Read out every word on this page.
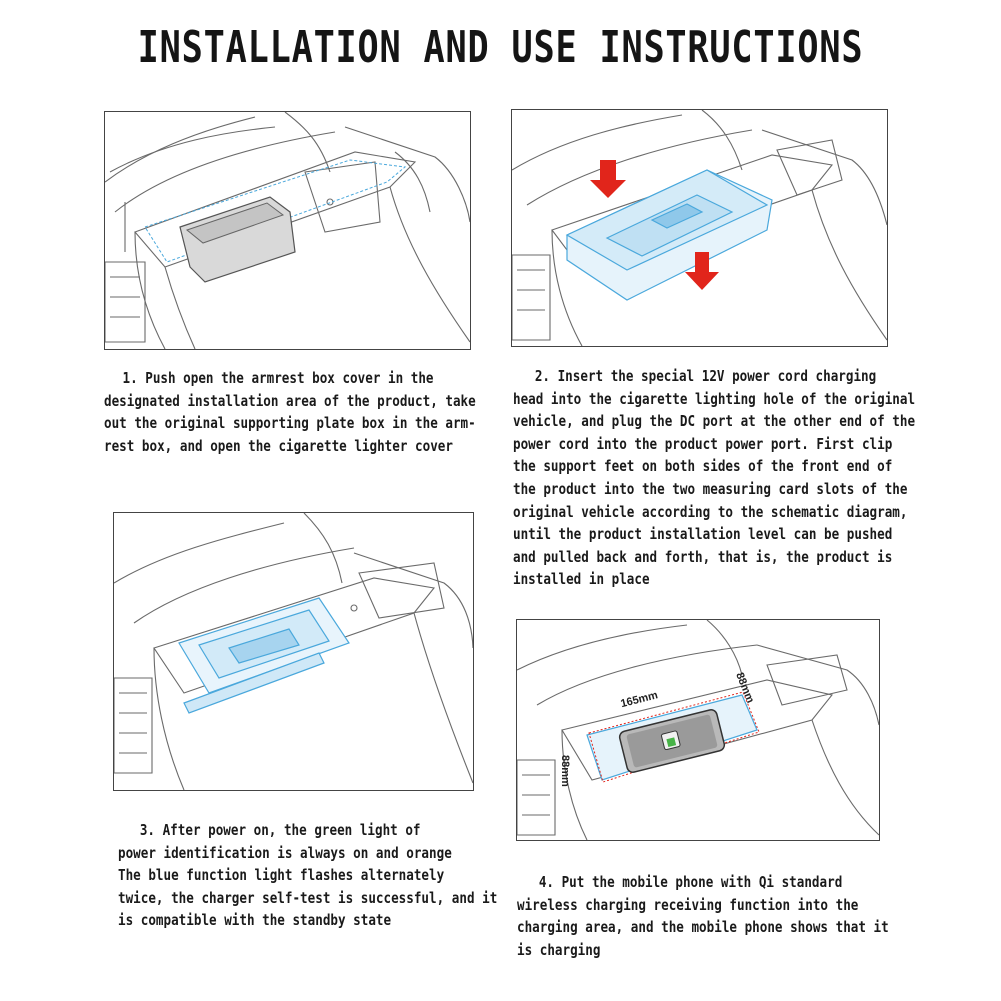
INSTALLATION AND USE INSTRUCTIONS
165mm	88mm
88mm
1. Push open the armrest box cover in the
designated installation area of the product, take
out the original supporting plate box in the arm-
rest box, and open the cigarette lighter cover
2. Insert the special 12V power cord charging
head into the cigarette lighting hole of the original
vehicle, and plug the DC port at the other end of the
power cord into the product power port. First clip
the support feet on both sides of the front end of
the product into the two measuring card slots of the
original vehicle according to the schematic diagram,
until the product installation level can be pushed
and pulled back and forth, that is, the product is
installed in place
3. After power on, the green light of
power identification is always on and orange
The blue function light flashes alternately
twice, the charger self-test is successful, and it
is compatible with the standby state
4. Put the mobile phone with Qi standard
wireless charging receiving function into the
charging area, and the mobile phone shows that it
is charging
